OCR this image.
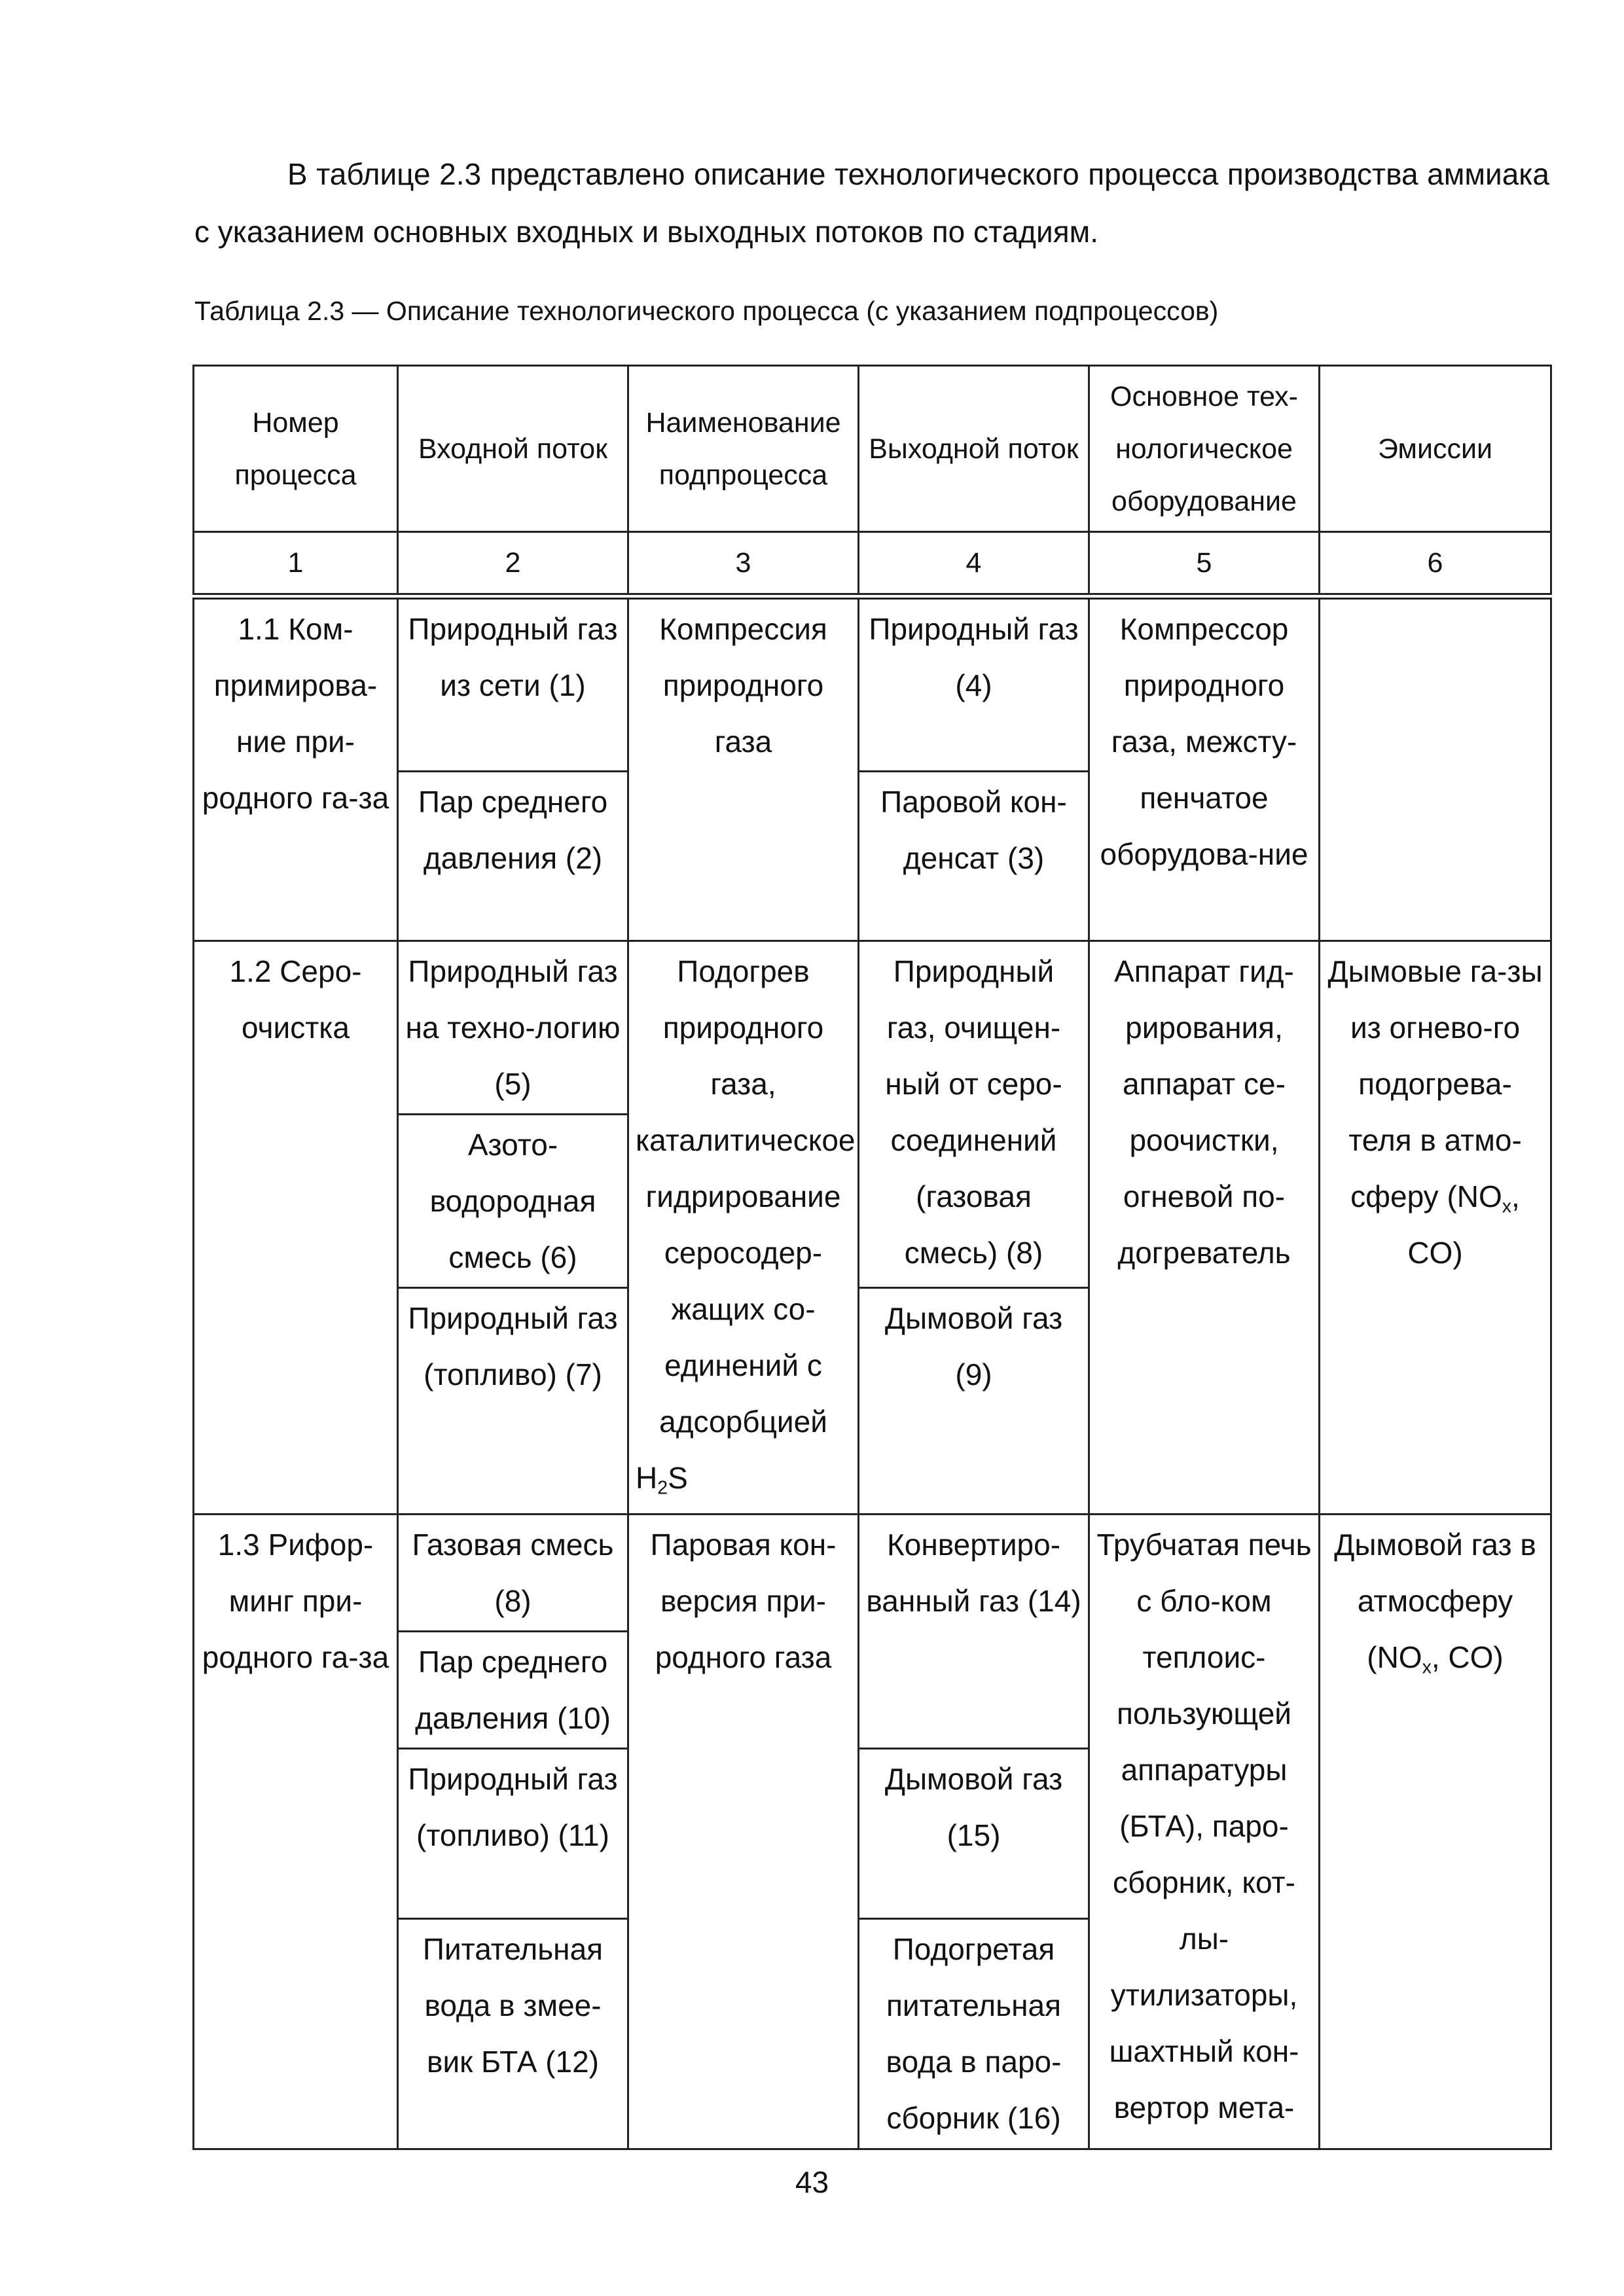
В таблице 2.3 представлено описание технологического процесса производства аммиака с указанием основных входных и выходных потоков по стадиям.

Таблица 2.3 — Описание технологического процесса (с указанием подпроцессов)

Номер процесса	Входной поток	Наименование подпроцесса	Выходной поток	Основное тех-нологическое оборудование	Эмиссии
1	2	3	4	5	6
1.1 Ком-примирова-ние при-родного га-за	Природный газ из сети (1)	Компрессия природного газа	Природный газ (4)	Компрессор природного газа, межсту-пенчатое оборудова-ние	
	Пар среднего давления (2)		Паровой кон-денсат (3)		
1.2 Серо-очистка	Природный газ на техно-логию (5)	Подогрев природного газа, каталитическое гидрирование серосодер-жащих со-единений с адсорбцией $H_2S$	Природный газ, очищен-ный от серо-соединений (газовая смесь) (8)	Аппарат гид-рирования, аппарат се-роочистки, огневой по-догреватель	Дымовые га-зы из огнево-го подогрева-теля в атмо-сферу ($NO_x$, CO)
	Азото-водородная смесь (6)				
	Природный газ (топливо) (7)		Дымовой газ (9)		
1.3 Рифор-минг при-родного га-за	Газовая смесь (8)	Паровая кон-версия при-родного газа	Конвертиро-ванный газ (14)	Трубчатая печь с бло-ком теплоис-пользующей аппаратуры (БТА), паро-сборник, кот-лы-утилизаторы, шахтный кон-вертор мета-	Дымовой газ в атмосферу ($NO_x$, CO)
	Пар среднего давления (10)				
	Природный газ (топливо) (11)		Дымовой газ (15)		
	Питательная вода в змее-вик БТА (12)		Подогретая питательная вода в паро-сборник (16)		

43
